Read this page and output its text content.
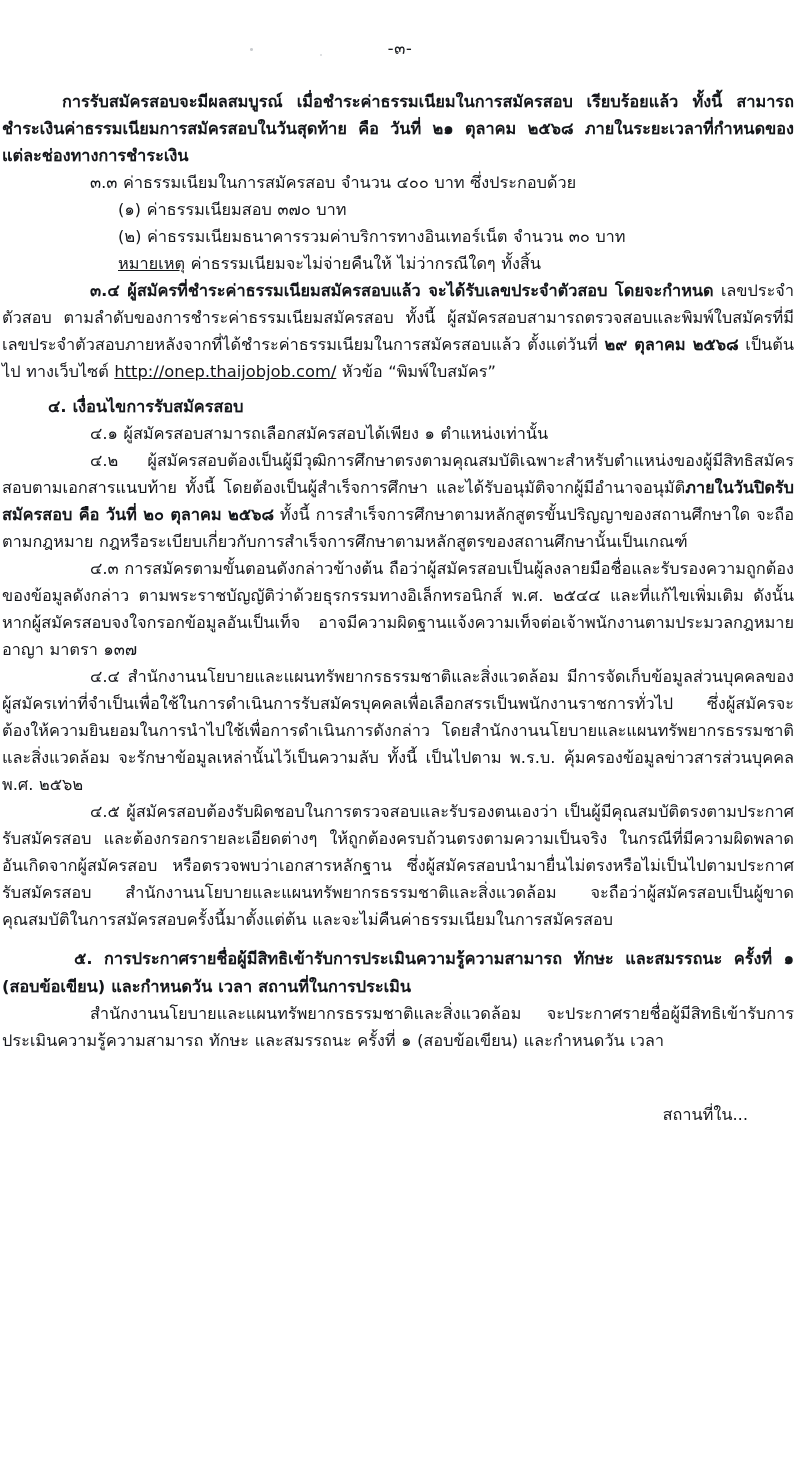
-๓-

การรับสมัครสอบจะมีผลสมบูรณ์ เมื่อชำระค่าธรรมเนียมในการสมัครสอบ เรียบร้อยแล้ว ทั้งนี้ สามารถชำระเงินค่าธรรมเนียมการสมัครสอบในวันสุดท้าย คือ วันที่ ๒๑ ตุลาคม ๒๕๖๘ ภายในระยะเวลาที่กำหนดของแต่ละช่องทางการชำระเงิน

๓.๓ ค่าธรรมเนียมในการสมัครสอบ จำนวน ๔๐๐ บาท ซึ่งประกอบด้วย

(๑) ค่าธรรมเนียมสอบ ๓๗๐ บาท

(๒) ค่าธรรมเนียมธนาคารรวมค่าบริการทางอินเทอร์เน็ต จำนวน ๓๐ บาท

หมายเหตุ ค่าธรรมเนียมจะไม่จ่ายคืนให้ ไม่ว่ากรณีใดๆ ทั้งสิ้น

๓.๔ ผู้สมัครที่ชำระค่าธรรมเนียมสมัครสอบแล้ว จะได้รับเลขประจำตัวสอบ โดยจะกำหนด เลขประจำตัวสอบ ตามลำดับของการชำระค่าธรรมเนียมสมัครสอบ ทั้งนี้ ผู้สมัครสอบสามารถตรวจสอบและพิมพ์ใบสมัครที่มีเลขประจำตัวสอบภายหลังจากที่ได้ชำระค่าธรรมเนียมในการสมัครสอบแล้ว ตั้งแต่วันที่ ๒๙ ตุลาคม ๒๕๖๘ เป็นต้นไป ทางเว็บไซต์ http://onep.thaijobjob.com/ หัวข้อ “พิมพ์ใบสมัคร”

๔. เงื่อนไขการรับสมัครสอบ

๔.๑ ผู้สมัครสอบสามารถเลือกสมัครสอบได้เพียง ๑ ตำแหน่งเท่านั้น

๔.๒ ผู้สมัครสอบต้องเป็นผู้มีวุฒิการศึกษาตรงตามคุณสมบัติเฉพาะสำหรับตำแหน่งของผู้มีสิทธิสมัครสอบตามเอกสารแนบท้าย ทั้งนี้ โดยต้องเป็นผู้สำเร็จการศึกษา และได้รับอนุมัติจากผู้มีอำนาจอนุมัติภายในวันปิดรับสมัครสอบ คือ วันที่ ๒๐ ตุลาคม ๒๕๖๘ ทั้งนี้ การสำเร็จการศึกษาตามหลักสูตรขั้นปริญญาของสถานศึกษาใด จะถือตามกฎหมาย กฎหรือระเบียบเกี่ยวกับการสำเร็จการศึกษาตามหลักสูตรของสถานศึกษานั้นเป็นเกณฑ์

๔.๓ การสมัครตามขั้นตอนดังกล่าวข้างต้น ถือว่าผู้สมัครสอบเป็นผู้ลงลายมือชื่อและรับรองความถูกต้องของข้อมูลดังกล่าว ตามพระราชบัญญัติว่าด้วยธุรกรรมทางอิเล็กทรอนิกส์ พ.ศ. ๒๕๔๔ และที่แก้ไขเพิ่มเติม ดังนั้น หากผู้สมัครสอบจงใจกรอกข้อมูลอันเป็นเท็จ อาจมีความผิดฐานแจ้งความเท็จต่อเจ้าพนักงานตามประมวลกฎหมายอาญา มาตรา ๑๓๗

๔.๔ สำนักงานนโยบายและแผนทรัพยากรธรรมชาติและสิ่งแวดล้อม มีการจัดเก็บข้อมูลส่วนบุคคลของผู้สมัครเท่าที่จำเป็นเพื่อใช้ในการดำเนินการรับสมัครบุคคลเพื่อเลือกสรรเป็นพนักงานราชการทั่วไป ซึ่งผู้สมัครจะต้องให้ความยินยอมในการนำไปใช้เพื่อการดำเนินการดังกล่าว โดยสำนักงานนโยบายและแผนทรัพยากรธรรมชาติและสิ่งแวดล้อม จะรักษาข้อมูลเหล่านั้นไว้เป็นความลับ ทั้งนี้ เป็นไปตาม พ.ร.บ. คุ้มครองข้อมูลข่าวสารส่วนบุคคล พ.ศ. ๒๕๖๒

๔.๕ ผู้สมัครสอบต้องรับผิดชอบในการตรวจสอบและรับรองตนเองว่า เป็นผู้มีคุณสมบัติตรงตามประกาศรับสมัครสอบ และต้องกรอกรายละเอียดต่างๆ ให้ถูกต้องครบถ้วนตรงตามความเป็นจริง ในกรณีที่มีความผิดพลาดอันเกิดจากผู้สมัครสอบ หรือตรวจพบว่าเอกสารหลักฐาน ซึ่งผู้สมัครสอบนำมายื่นไม่ตรงหรือไม่เป็นไปตามประกาศรับสมัครสอบ สำนักงานนโยบายและแผนทรัพยากรธรรมชาติและสิ่งแวดล้อม จะถือว่าผู้สมัครสอบเป็นผู้ขาดคุณสมบัติในการสมัครสอบครั้งนี้มาตั้งแต่ต้น และจะไม่คืนค่าธรรมเนียมในการสมัครสอบ

๕. การประกาศรายชื่อผู้มีสิทธิเข้ารับการประเมินความรู้ความสามารถ ทักษะ และสมรรถนะ ครั้งที่ ๑ (สอบข้อเขียน) และกำหนดวัน เวลา สถานที่ในการประเมิน

สำนักงานนโยบายและแผนทรัพยากรธรรมชาติและสิ่งแวดล้อม จะประกาศรายชื่อผู้มีสิทธิเข้ารับการประเมินความรู้ความสามารถ ทักษะ และสมรรถนะ ครั้งที่ ๑ (สอบข้อเขียน) และกำหนดวัน เวลา

สถานที่ใน...
